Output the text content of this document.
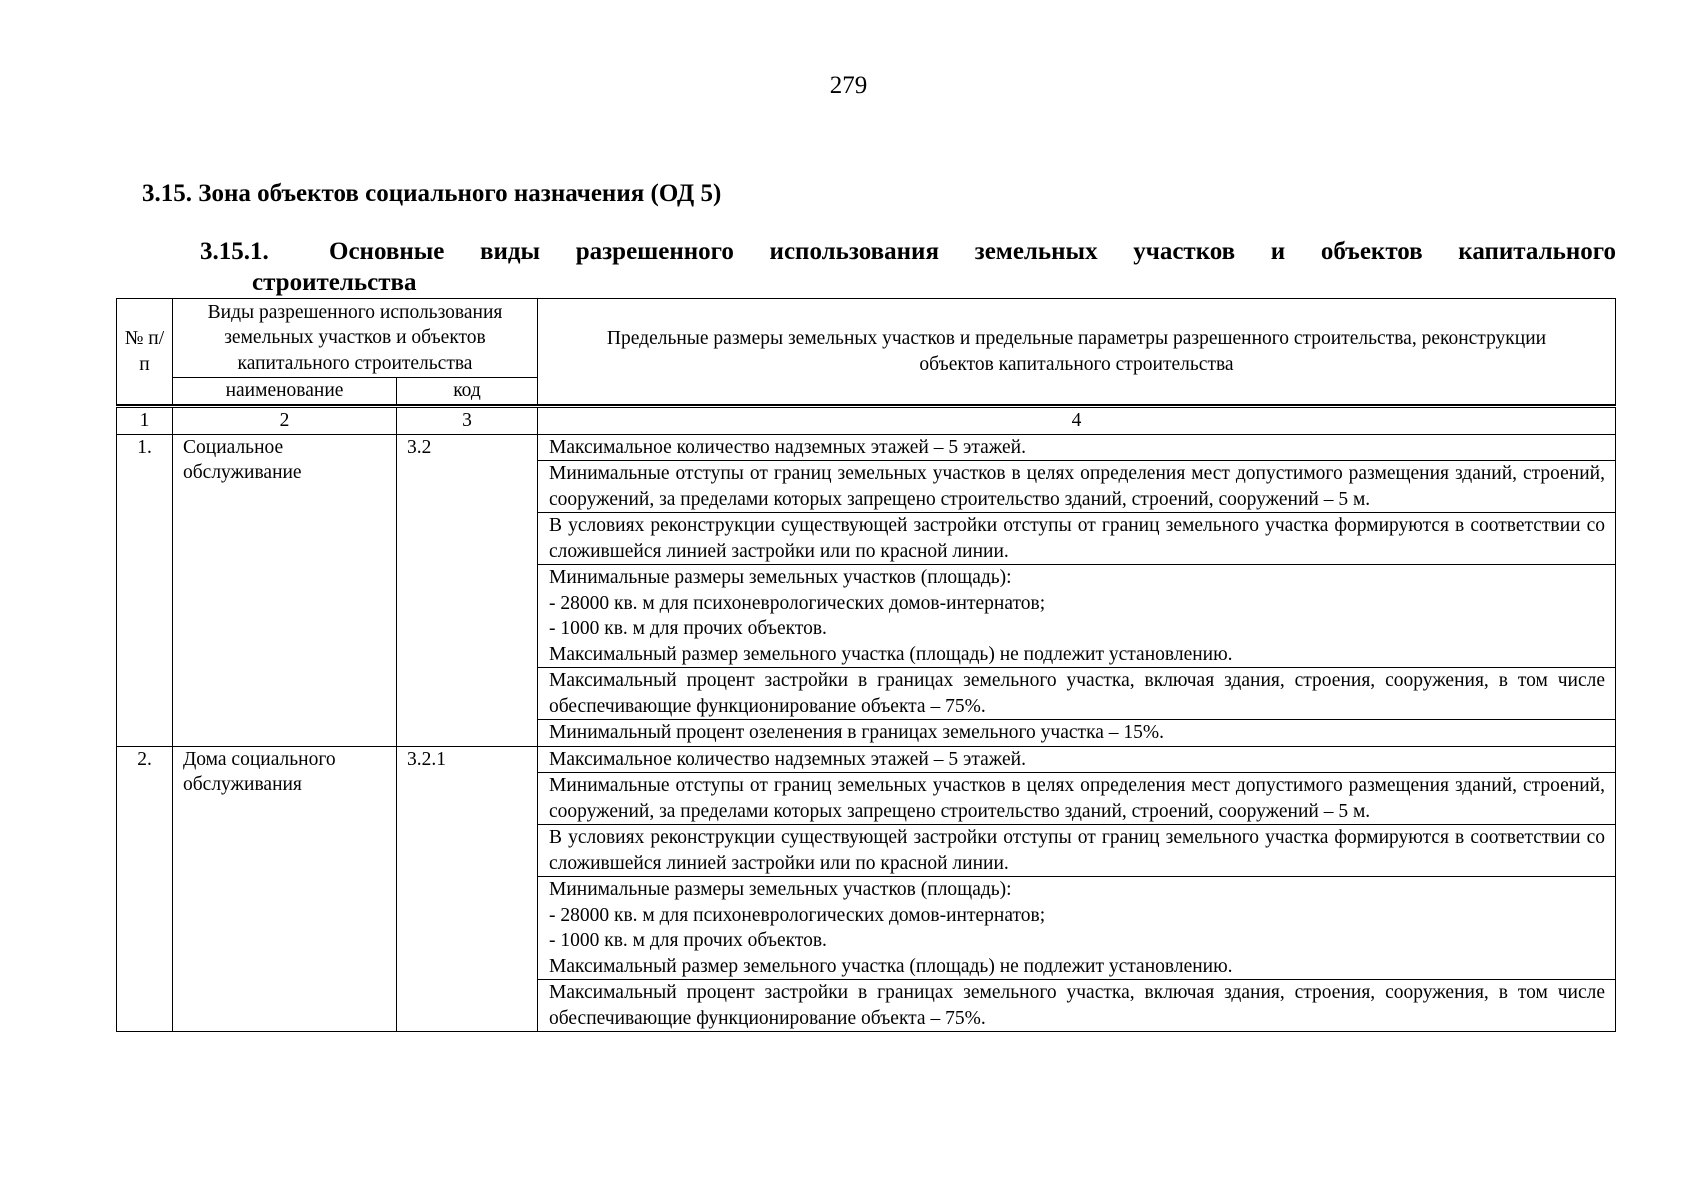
279
3.15. Зона объектов социального назначения (ОД 5)
3.15.1. Основные виды разрешенного использования земельных участков и объектов капитального
строительства
№ п/п	Виды разрешенного использования земельных участков и объектов капитального строительства		Предельные размеры земельных участков и предельные параметры разрешенного строительства, реконструкции объектов капитального строительства
	наименование	код	
1	2	3	4
1.	Социальное обслуживание	3.2	Максимальное количество надземных этажей – 5 этажей.
			Минимальные отступы от границ земельных участков в целях определения мест допустимого размещения зданий, строений, сооружений, за пределами которых запрещено строительство зданий, строений, сооружений – 5 м.
			В условиях реконструкции существующей застройки отступы от границ земельного участка формируются в соответствии со сложившейся линией застройки или по красной линии.
			Минимальные размеры земельных участков (площадь):
- 28000 кв. м для психоневрологических домов-интернатов;
- 1000 кв. м для прочих объектов.
Максимальный размер земельного участка (площадь) не подлежит установлению.
			Максимальный процент застройки в границах земельного участка, включая здания, строения, сооружения, в том числе обеспечивающие функционирование объекта – 75%.
			Минимальный процент озеленения в границах земельного участка – 15%.
2.	Дома социального обслуживания	3.2.1	Максимальное количество надземных этажей – 5 этажей.
			Минимальные отступы от границ земельных участков в целях определения мест допустимого размещения зданий, строений, сооружений, за пределами которых запрещено строительство зданий, строений, сооружений – 5 м.
			В условиях реконструкции существующей застройки отступы от границ земельного участка формируются в соответствии со сложившейся линией застройки или по красной линии.
			Минимальные размеры земельных участков (площадь):
- 28000 кв. м для психоневрологических домов-интернатов;
- 1000 кв. м для прочих объектов.
Максимальный размер земельного участка (площадь) не подлежит установлению.
			Максимальный процент застройки в границах земельного участка, включая здания, строения, сооружения, в том числе обеспечивающие функционирование объекта – 75%.
